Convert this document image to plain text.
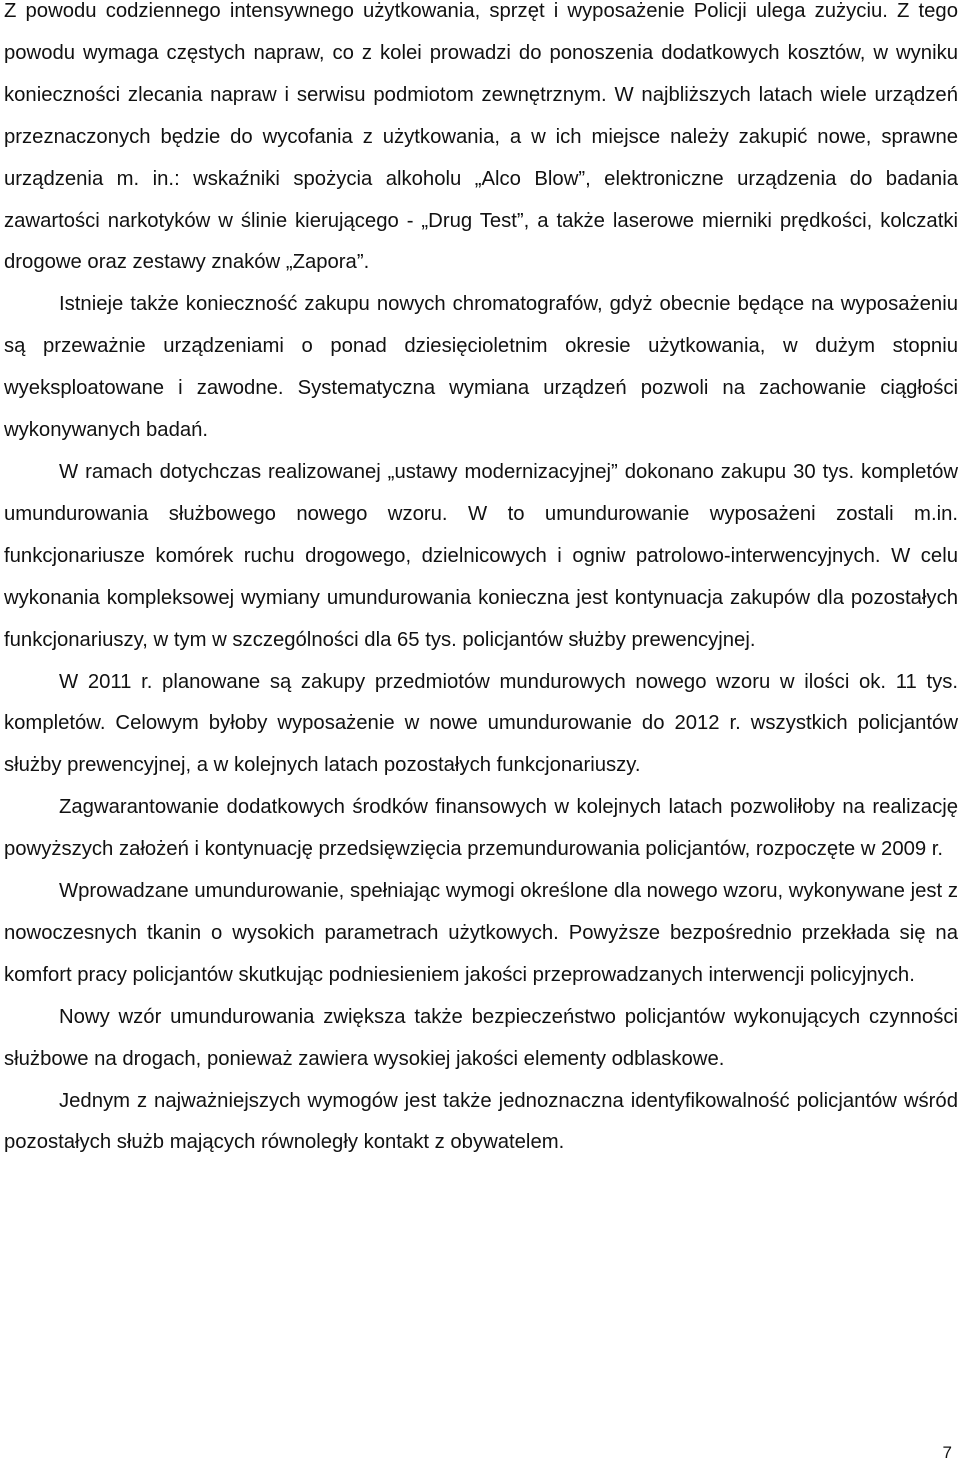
Z powodu codziennego intensywnego użytkowania, sprzęt i wyposażenie Policji ulega zużyciu. Z tego powodu wymaga częstych napraw, co z kolei prowadzi do ponoszenia dodatkowych kosztów, w wyniku konieczności zlecania napraw i serwisu podmiotom zewnętrznym. W najbliższych latach wiele urządzeń przeznaczonych będzie do wycofania z użytkowania, a w ich miejsce należy zakupić nowe, sprawne urządzenia m. in.: wskaźniki spożycia alkoholu „Alco Blow”, elektroniczne urządzenia do badania zawartości narkotyków w ślinie kierującego - „Drug Test”, a także laserowe mierniki prędkości, kolczatki drogowe oraz zestawy znaków „Zapora”.

Istnieje także konieczność zakupu nowych chromatografów, gdyż obecnie będące na wyposażeniu są przeważnie urządzeniami o ponad dziesięcioletnim okresie użytkowania, w dużym stopniu wyeksploatowane i zawodne. Systematyczna wymiana urządzeń pozwoli na zachowanie ciągłości wykonywanych badań.

W ramach dotychczas realizowanej „ustawy modernizacyjnej” dokonano zakupu 30 tys. kompletów umundurowania służbowego nowego wzoru. W to umundurowanie wyposażeni zostali m.in. funkcjonariusze komórek ruchu drogowego, dzielnicowych i ogniw patrolowo-interwencyjnych. W celu wykonania kompleksowej wymiany umundurowania konieczna jest kontynuacja zakupów dla pozostałych funkcjonariuszy, w tym w szczególności dla 65 tys. policjantów służby prewencyjnej.

W 2011 r. planowane są zakupy przedmiotów mundurowych nowego wzoru w ilości ok. 11 tys. kompletów. Celowym byłoby wyposażenie w nowe umundurowanie do 2012 r. wszystkich policjantów służby prewencyjnej, a w kolejnych latach pozostałych funkcjonariuszy.

Zagwarantowanie dodatkowych środków finansowych w kolejnych latach pozwoliłoby na realizację powyższych założeń i kontynuację przedsięwzięcia przemundurowania policjantów, rozpoczęte w 2009 r.

Wprowadzane umundurowanie, spełniając wymogi określone dla nowego wzoru, wykonywane jest z nowoczesnych tkanin o wysokich parametrach użytkowych. Powyższe bezpośrednio przekłada się na komfort pracy policjantów skutkując podniesieniem jakości przeprowadzanych interwencji policyjnych.

Nowy wzór umundurowania zwiększa także bezpieczeństwo policjantów wykonujących czynności służbowe na drogach, ponieważ zawiera wysokiej jakości elementy odblaskowe.

Jednym z najważniejszych wymogów jest także jednoznaczna identyfikowalność policjantów wśród pozostałych służb mających równoległy kontakt z obywatelem.

7
